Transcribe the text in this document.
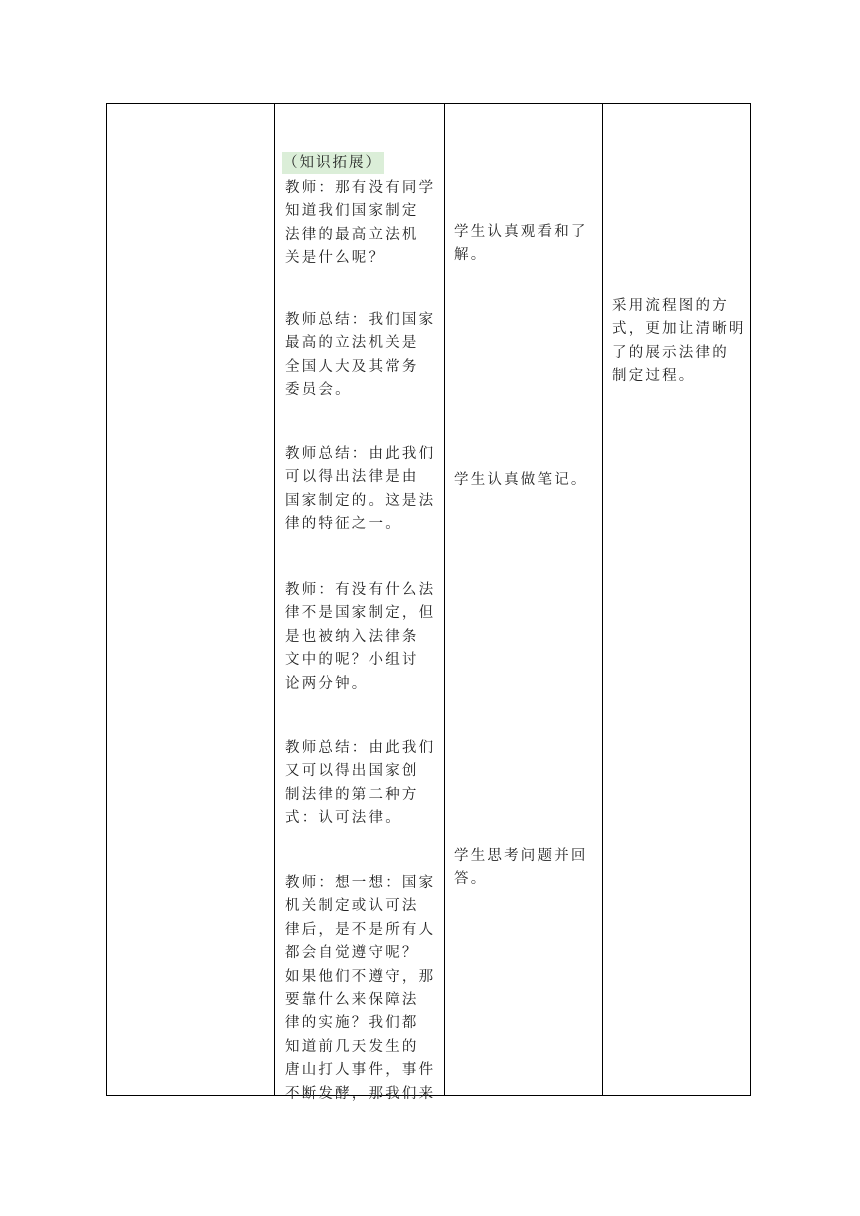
（知识拓展）
教师：那有没有同学
知道我们国家制定
法律的最高立法机
关是什么呢？
教师总结：我们国家
最高的立法机关是
全国人大及其常务
委员会。
教师总结：由此我们
可以得出法律是由
国家制定的。这是法
律的特征之一。
教师：有没有什么法
律不是国家制定，但
是也被纳入法律条
文中的呢？小组讨
论两分钟。
教师总结：由此我们
又可以得出国家创
制法律的第二种方
式：认可法律。
教师：想一想：国家
机关制定或认可法
律后，是不是所有人
都会自觉遵守呢？
如果他们不遵守，那
要靠什么来保障法
律的实施？我们都
知道前几天发生的
唐山打人事件，事件
不断发酵，那我们来
学生认真观看和了
解。
学生认真做笔记。
学生思考问题并回
答。
采用流程图的方
式，更加让清晰明
了的展示法律的
制定过程。
